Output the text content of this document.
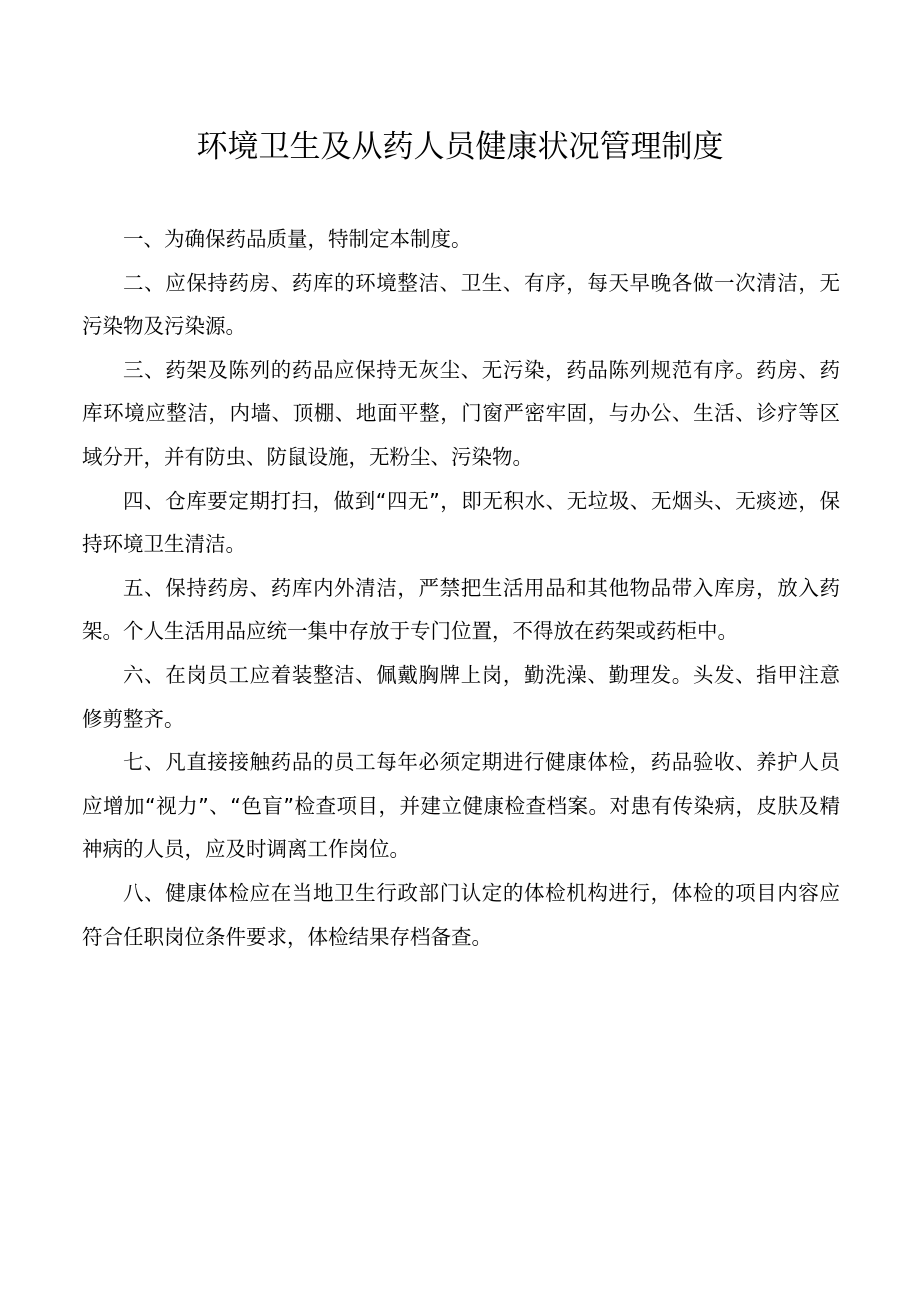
环境卫生及从药人员健康状况管理制度

一、为确保药品质量，特制定本制度。

二、应保持药房、药库的环境整洁、卫生、有序，每天早晚各做一次清洁，无污染物及污染源。

三、药架及陈列的药品应保持无灰尘、无污染，药品陈列规范有序。药房、药库环境应整洁，内墙、顶棚、地面平整，门窗严密牢固，与办公、生活、诊疗等区域分开，并有防虫、防鼠设施，无粉尘、污染物。

四、仓库要定期打扫，做到“四无”，即无积水、无垃圾、无烟头、无痰迹，保持环境卫生清洁。

五、保持药房、药库内外清洁，严禁把生活用品和其他物品带入库房，放入药架。个人生活用品应统一集中存放于专门位置，不得放在药架或药柜中。

六、在岗员工应着装整洁、佩戴胸牌上岗，勤洗澡、勤理发。头发、指甲注意修剪整齐。

七、凡直接接触药品的员工每年必须定期进行健康体检，药品验收、养护人员应增加“视力”、“色盲”检查项目，并建立健康检查档案。对患有传染病，皮肤及精神病的人员，应及时调离工作岗位。

八、健康体检应在当地卫生行政部门认定的体检机构进行，体检的项目内容应符合任职岗位条件要求，体检结果存档备查。
